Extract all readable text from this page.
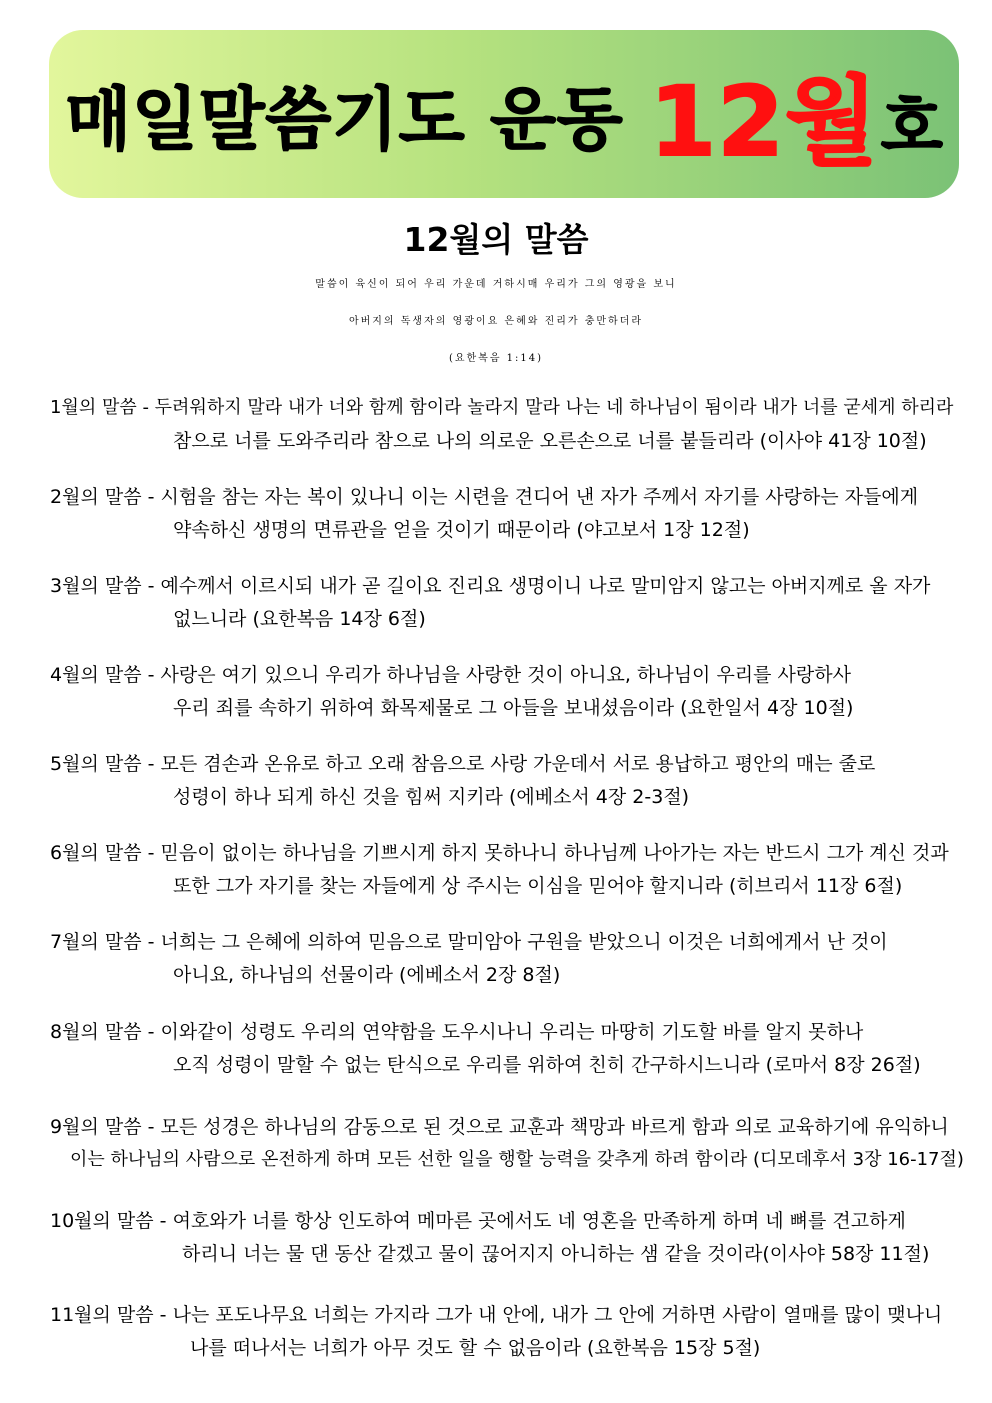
매일말씀기도 운동 12월 호
12월의 말씀
말씀이 육신이 되어 우리 가운데 거하시매 우리가 그의 영광을 보니
아버지의 독생자의 영광이요 은혜와 진리가 충만하더라
(요한복음 1:14)
1월의 말씀 - 두려워하지 말라 내가 너와 함께 함이라 놀라지 말라 나는 네 하나님이 됨이라 내가 너를 굳세게 하리라
참으로 너를 도와주리라 참으로 나의 의로운 오른손으로 너를 붙들리라 (이사야 41장 10절)
2월의 말씀 - 시험을 참는 자는 복이 있나니 이는 시련을 견디어 낸 자가 주께서 자기를 사랑하는 자들에게
약속하신 생명의 면류관을 얻을 것이기 때문이라 (야고보서 1장 12절)
3월의 말씀 - 예수께서 이르시되 내가 곧 길이요 진리요 생명이니 나로 말미암지 않고는 아버지께로 올 자가
없느니라 (요한복음 14장 6절)
4월의 말씀 - 사랑은 여기 있으니 우리가 하나님을 사랑한 것이 아니요, 하나님이 우리를 사랑하사
우리 죄를 속하기 위하여 화목제물로 그 아들을 보내셨음이라 (요한일서 4장 10절)
5월의 말씀 - 모든 겸손과 온유로 하고 오래 참음으로 사랑 가운데서 서로 용납하고 평안의 매는 줄로
성령이 하나 되게 하신 것을 힘써 지키라 (에베소서 4장 2-3절)
6월의 말씀 - 믿음이 없이는 하나님을 기쁘시게 하지 못하나니 하나님께 나아가는 자는 반드시 그가 계신 것과
또한 그가 자기를 찾는 자들에게 상 주시는 이심을 믿어야 할지니라 (히브리서 11장 6절)
7월의 말씀 - 너희는 그 은혜에 의하여 믿음으로 말미암아 구원을 받았으니 이것은 너희에게서 난 것이
아니요, 하나님의 선물이라 (에베소서 2장 8절)
8월의 말씀 - 이와같이 성령도 우리의 연약함을 도우시나니 우리는 마땅히 기도할 바를 알지 못하나
오직 성령이 말할 수 없는 탄식으로 우리를 위하여 친히 간구하시느니라 (로마서 8장 26절)
9월의 말씀 - 모든 성경은 하나님의 감동으로 된 것으로 교훈과 책망과 바르게 함과 의로 교육하기에 유익하니
이는 하나님의 사람으로 온전하게 하며 모든 선한 일을 행할 능력을 갖추게 하려 함이라 (디모데후서 3장 16-17절)
10월의 말씀 - 여호와가 너를 항상 인도하여 메마른 곳에서도 네 영혼을 만족하게 하며 네 뼈를 견고하게
하리니 너는 물 댄 동산 같겠고 물이 끊어지지 아니하는 샘 같을 것이라(이사야 58장 11절)
11월의 말씀 - 나는 포도나무요 너희는 가지라 그가 내 안에, 내가 그 안에 거하면 사람이 열매를 많이 맺나니
나를 떠나서는 너희가 아무 것도 할 수 없음이라 (요한복음 15장 5절)
